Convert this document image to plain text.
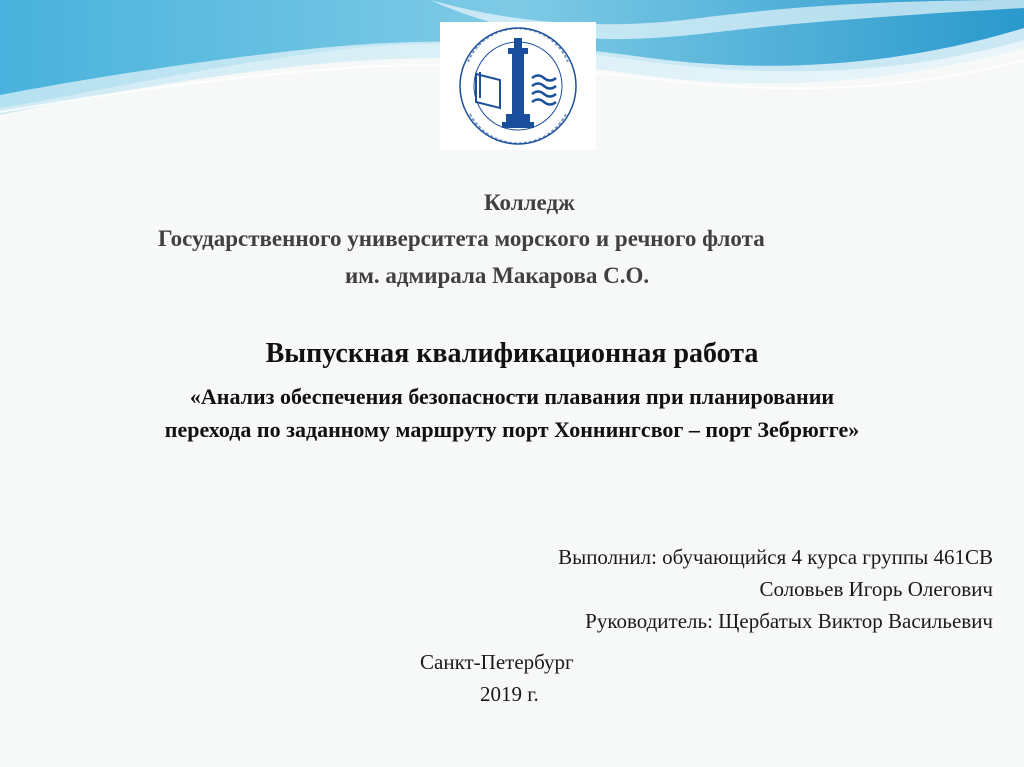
Колледж
Государственного университета морского и речного флота
им. адмирала Макарова С.О.
Выпускная квалификационная работа
«Анализ обеспечения безопасности плавания при планировании
перехода по заданному маршруту порт Хоннингсвог – порт Зебрюгге»
Выполнил: обучающийся 4 курса группы 461СВ
Соловьев Игорь Олегович
Руководитель: Щербатых Виктор Васильевич
Санкт-Петербург
2019 г.
